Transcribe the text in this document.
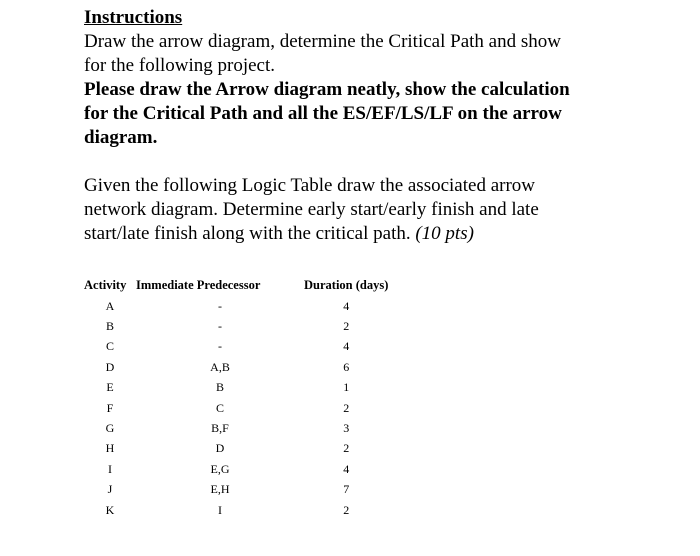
Instructions

Draw the arrow diagram, determine the Critical Path and show

for the following project.

Please draw the Arrow diagram neatly, show the calculation

for the Critical Path and all the ES/EF/LS/LF on the arrow

diagram.

Given the following Logic Table draw the associated arrow

network diagram. Determine early start/early finish and late

start/late finish along with the critical path. (10 pts)

Activity	Immediate Predecessor	Duration (days)
A	-	4
B	-	2
C	-	4
D	A,B	6
E	B	1
F	C	2
G	B,F	3
H	D	2
I	E,G	4
J	E,H	7
K	I	2
